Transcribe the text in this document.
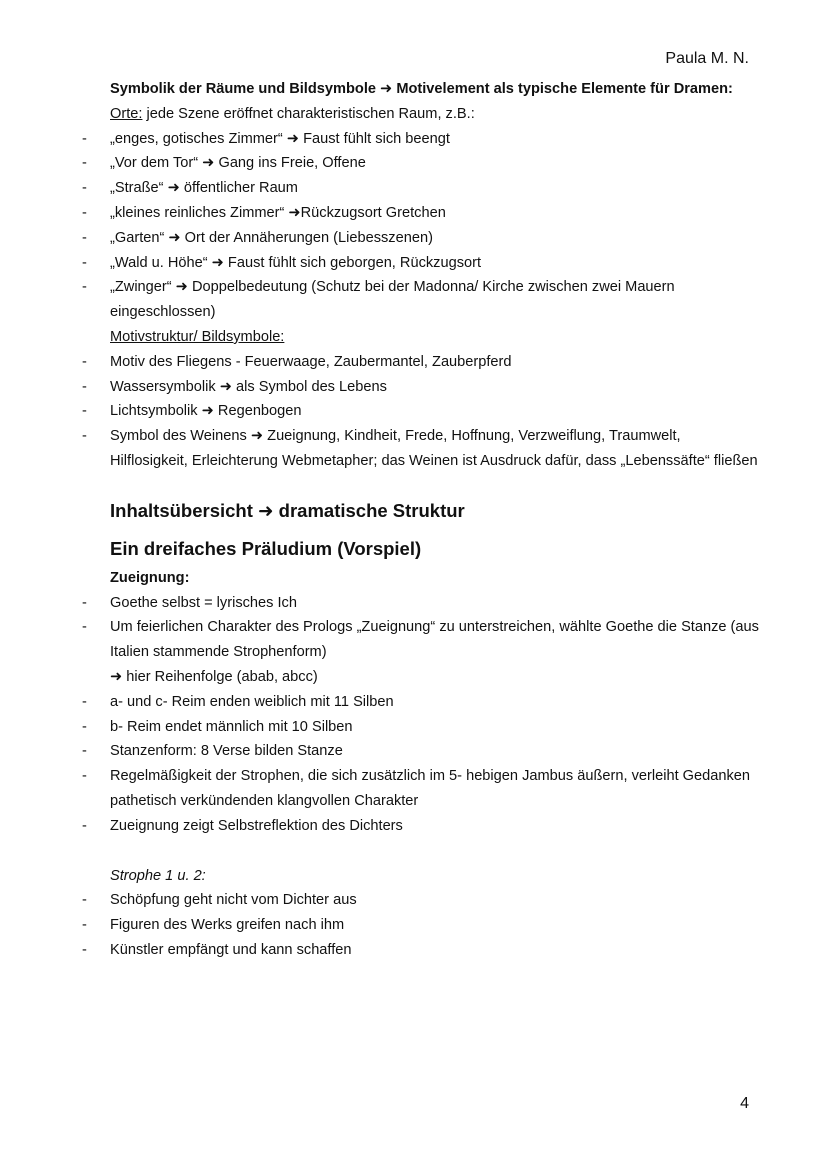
Paula M. N.

Symbolik der Räume und Bildsymbole ➜ Motivelement als typische Elemente für Dramen:

Orte: jede Szene eröffnet charakteristischen Raum, z.B.:

- „enges, gotisches Zimmer“ ➜ Faust fühlt sich beengt

- „Vor dem Tor“ ➜ Gang ins Freie, Offene

- „Straße“ ➜ öffentlicher Raum

- „kleines reinliches Zimmer“ ➜Rückzugsort Gretchen

- „Garten“ ➜ Ort der Annäherungen (Liebesszenen)

- „Wald u. Höhe“ ➜ Faust fühlt sich geborgen, Rückzugsort

- „Zwinger“ ➜ Doppelbedeutung (Schutz bei der Madonna/ Kirche zwischen zwei Mauern eingeschlossen)

Motivstruktur/ Bildsymbole:

- Motiv des Fliegens - Feuerwaage, Zaubermantel, Zauberpferd

- Wassersymbolik ➜ als Symbol des Lebens

- Lichtsymbolik ➜ Regenbogen

- Symbol des Weinens ➜ Zueignung, Kindheit, Frede, Hoffnung, Verzweiflung, Traumwelt, Hilflosigkeit, Erleichterung Webmetapher; das Weinen ist Ausdruck dafür, dass „Lebenssäfte“ fließen

Inhaltsübersicht ➜ dramatische Struktur

Ein dreifaches Präludium (Vorspiel)

Zueignung:

- Goethe selbst = lyrisches Ich

- Um feierlichen Charakter des Prologs „Zueignung“ zu unterstreichen, wählte Goethe die Stanze (aus Italien stammende Strophenform)

➜ hier Reihenfolge (abab, abcc)

- a- und c- Reim enden weiblich mit 11 Silben

- b- Reim endet männlich mit 10 Silben

- Stanzenform: 8 Verse bilden Stanze

- Regelmäßigkeit der Strophen, die sich zusätzlich im 5- hebigen Jambus äußern, verleiht Gedanken pathetisch verkündenden klangvollen Charakter

- Zueignung zeigt Selbstreflektion des Dichters

Strophe 1 u. 2:

- Schöpfung geht nicht vom Dichter aus

- Figuren des Werks greifen nach ihm

- Künstler empfängt und kann schaffen

4
